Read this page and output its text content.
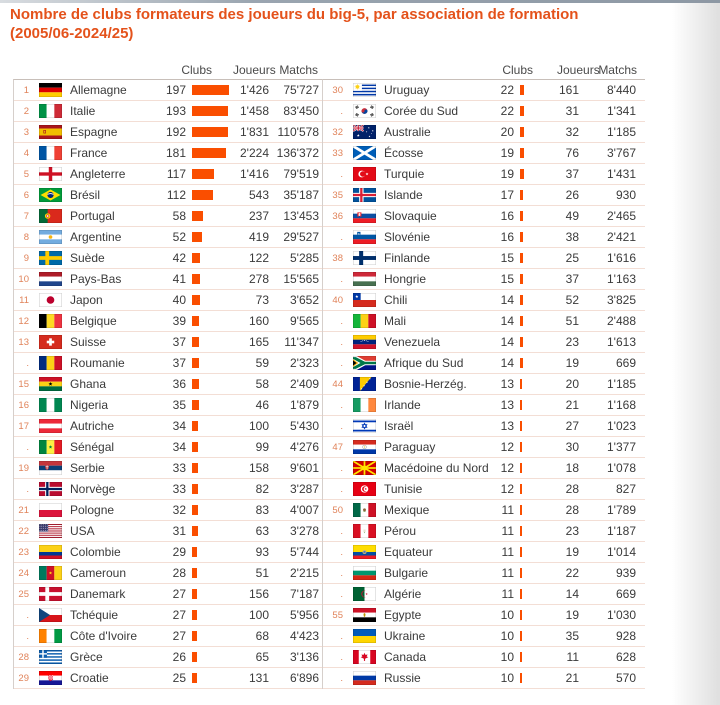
Nombre de clubs formateurs des joueurs du big-5, par association de formation
(2005/06-2024/25)
Clubs	Joueurs Matchs
1	Allemagne	197	1'426	75'727
2	Italie	193	1'458	83'450
3	Espagne	192	1'831 110'578
4	France	181	2'224 136'372
5	Angleterre	117	1'416	79'519
6	Brésil	112	543	35'187
7	Portugal	58	237	13'453
8	Argentine	52	419	29'527
9	Suède	42	122	5'285
10	Pays-Bas	41	278	15'565
11	Japon	40	73	3'652
12	Belgique	39	160	9'565
13	Suisse	37	165	11'347
.	Roumanie	37	59	2'323
15	Ghana	36	58	2'409
16	Nigeria	35	46	1'879
17	Autriche	34	100	5'430
.	Sénégal	34	99	4'276
19	Serbie	33	158	9'601
.	Norvège	33	82	3'287
21	Pologne	32	83	4'007
22	USA	31	63	3'278
23	Colombie	29	93	5'744
24	Cameroun	28	51	2'215
25	Danemark	27	156	7'187
.	Tchéquie	27	100	5'956
.	Côte d'Ivoire	27	68	4'423
28	Grèce	26	65	3'136
29	Croatie	25	131	6'896
Clubs	Joueurs
Matchs
30	Uruguay	22	161	8'440
.	Corée du Sud	22	31	1'341
32	Australie	20	32	1'185
33	Écosse	19	76	3'767
.	Turquie	19	37	1'431
35	Islande	17	26	930
36	Slovaquie	16	49	2'465
.	Slovénie	16	38	2'421
38	Finlande	15	25	1'616
.	Hongrie	15	37	1'163
40	Chili	14	52	3'825
.	Mali	14	51	2'488
.	Venezuela	14	23	1'613
.	Afrique du Sud	14	19	669
44	Bosnie-Herzég.	13	20	1'185
.	Irlande	13	21	1'168
.	Israël	13	27	1'023
47	Paraguay	12	30	1'377
.	Macédoine du Nord 12	18	1'078
.	Tunisie	12	28	827
50	Mexique	11	28	1'789
.	Pérou	11	23	1'187
.	Equateur	11	19	1'014
.	Bulgarie	11	22	939
.	Algérie	11	14	669
55	Egypte	10	19	1'030
.	Ukraine	10	35	928
.	Canada	10	11	628
.	Russie	10	21	570
